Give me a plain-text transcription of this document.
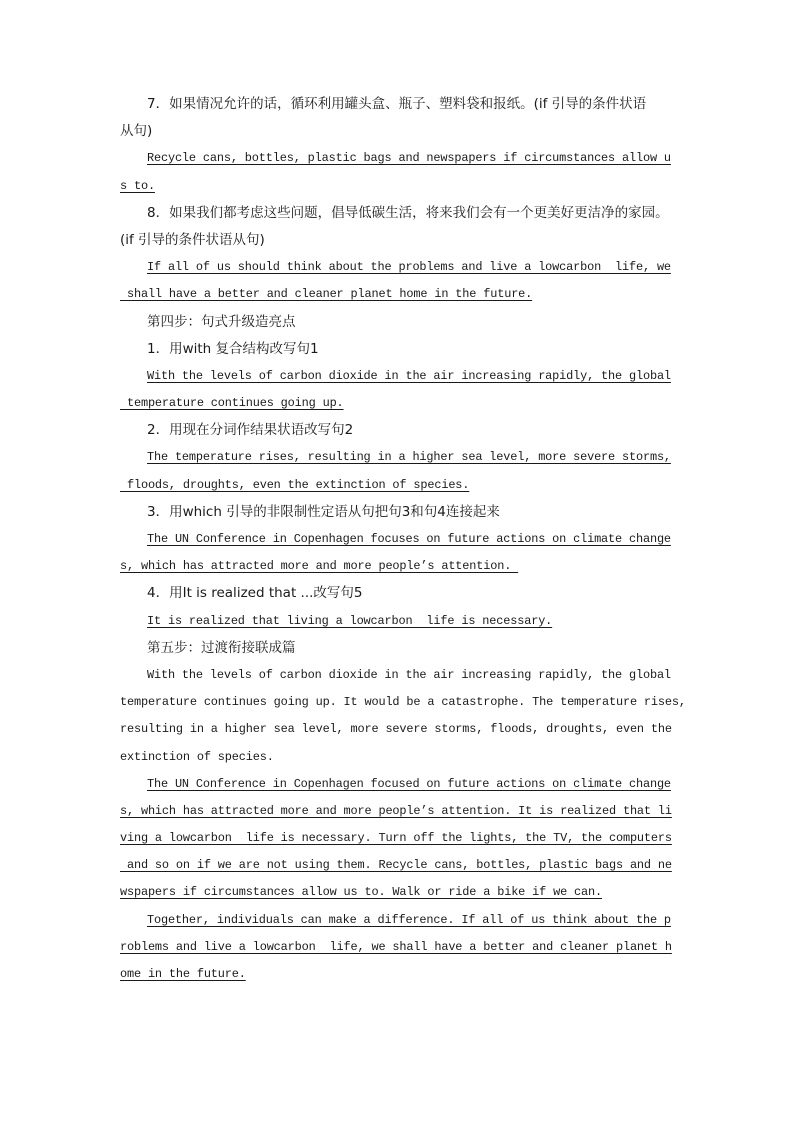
7．如果情况允许的话，循环利用罐头盒、瓶子、塑料袋和报纸。(if 引导的条件状语
从句)
Recycle cans, bottles, plastic bags and newspapers if circumstances allow u
s to.
8．如果我们都考虑这些问题，倡导低碳生活，将来我们会有一个更美好更洁净的家园。
(if 引导的条件状语从句)
If all of us should think about the problems and live a lowcarbon  life, we
shall have a better and cleaner planet home in the future.
第四步：句式升级造亮点
1．用with 复合结构改写句1
With the levels of carbon dioxide in the air increasing rapidly, the global
temperature continues going up.
2．用现在分词作结果状语改写句2
The temperature rises, resulting in a higher sea level, more severe storms,
floods, droughts, even the extinction of species.
3．用which 引导的非限制性定语从句把句3和句4连接起来
The UN Conference in Copenhagen focuses on future actions on climate change
s, which has attracted more and more people’s attention.
4．用It is realized that ...改写句5
It is realized that living a lowcarbon  life is necessary.
第五步：过渡衔接联成篇
With the levels of carbon dioxide in the air increasing rapidly, the global
temperature continues going up. It would be a catastrophe. The temperature rises,
resulting in a higher sea level, more severe storms, floods, droughts, even the
extinction of species.
The UN Conference in Copenhagen focused on future actions on climate change
s, which has attracted more and more people’s attention. It is realized that li
ving a lowcarbon  life is necessary. Turn off the lights, the TV, the computers
and so on if we are not using them. Recycle cans, bottles, plastic bags and ne
wspapers if circumstances allow us to. Walk or ride a bike if we can.
Together, individuals can make a difference. If all of us think about the p
roblems and live a lowcarbon  life, we shall have a better and cleaner planet h
ome in the future.
